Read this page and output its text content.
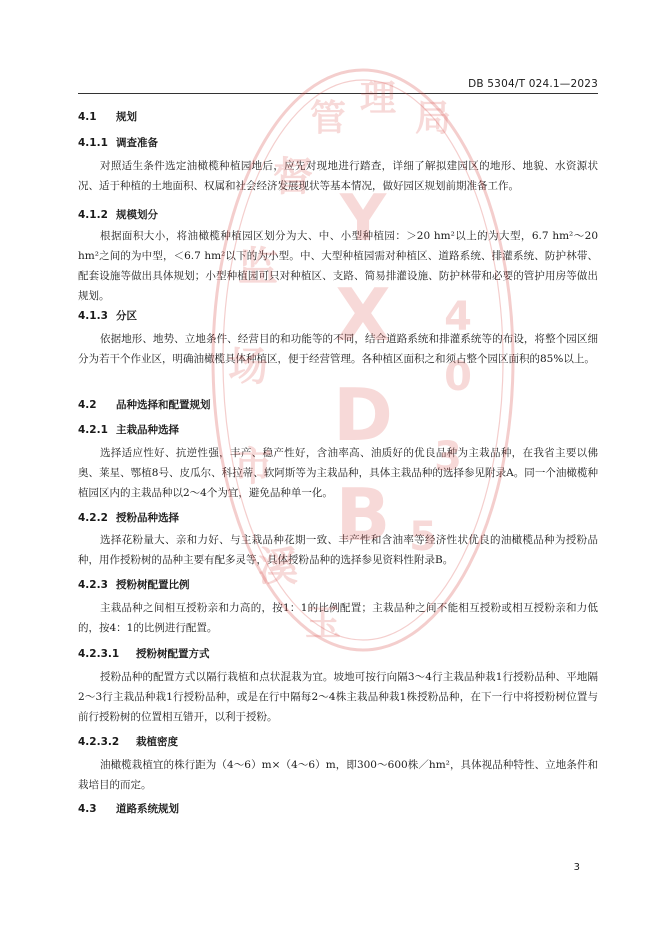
DB 5304/T 024.1—2023
4.1 规划
4.1.1 调查准备
对照适生条件选定油橄榄种植园地后，应先对现地进行踏查，详细了解拟建园区的地形、地貌、水资源状况、适于种植的土地面积、权属和社会经济发展现状等基本情况，做好园区规划前期准备工作。
4.1.2 规模划分
根据面积大小，将油橄榄种植园区划分为大、中、小型种植园：＞20 hm²以上的为大型，6.7 hm²～20 hm²之间的为中型，＜6.7 hm²以下的为小型。中、大型种植园需对种植区、道路系统、排灌系统、防护林带、配套设施等做出具体规划；小型种植园可只对种植区、支路、简易排灌设施、防护林带和必要的管护用房等做出规划。
4.1.3 分区
依据地形、地势、立地条件、经营目的和功能等的不同，结合道路系统和排灌系统等的布设，将整个园区细分为若干个作业区，明确油橄榄具体种植区，便于经营管理。各种植区面积之和须占整个园区面积的85%以上。
4.2 品种选择和配置规划
4.2.1 主栽品种选择
选择适应性好、抗逆性强，丰产、稳产性好，含油率高、油质好的优良品种为主栽品种，在我省主要以佛奥、莱星、鄂植8号、皮瓜尔、科拉蒂、软阿斯等为主栽品种，具体主栽品种的选择参见附录A。同一个油橄榄种植园区内的主栽品种以2～4个为宜，避免品种单一化。
4.2.2 授粉品种选择
选择花粉量大、亲和力好、与主栽品种花期一致、丰产性和含油率等经济性状优良的油橄榄品种为授粉品种，用作授粉树的品种主要有配多灵等，具体授粉品种的选择参见资料性附录B。
4.2.3 授粉树配置比例
主栽品种之间相互授粉亲和力高的，按1：1的比例配置；主栽品种之间不能相互授粉或相互授粉亲和力低的，按4：1的比例进行配置。
4.2.3.1 授粉树配置方式
授粉品种的配置方式以隔行栽植和点状混栽为宜。坡地可按行向隔3～4行主栽品种栽1行授粉品种、平地隔2～3行主栽品种栽1行授粉品种，或是在行中隔每2～4株主栽品种栽1株授粉品种，在下一行中将授粉树位置与前行授粉树的位置相互错开，以利于授粉。
4.2.3.2 栽植密度
油橄榄栽植宜的株行距为（4～6）m×（4～6）m，即300～600株／hm²，具体视品种特性、立地条件和栽培目的而定。
4.3 道路系统规划
3
Y
X
D
B
4
0
3
5
督
管 理 局
监
场
市
溪
玉
